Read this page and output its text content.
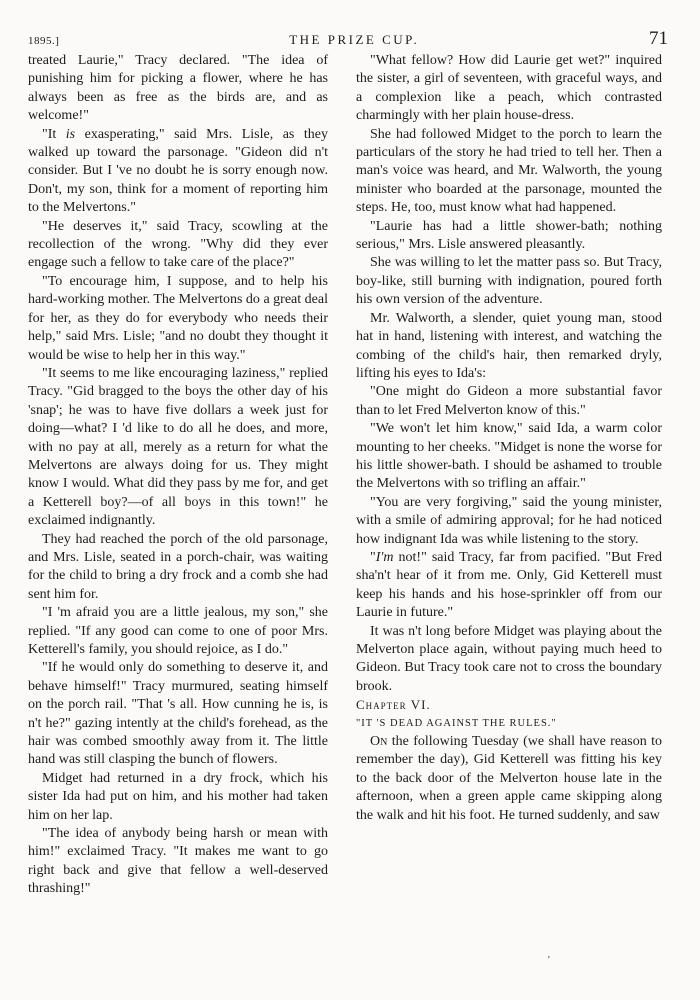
1895.]	THE PRIZE CUP.	71

treated Laurie," Tracy declared. "The idea of punishing him for picking a flower, where he has always been as free as the birds are, and as welcome!"

"It is exasperating," said Mrs. Lisle, as they walked up toward the parsonage. "Gideon did n't consider. But I 've no doubt he is sorry enough now. Don't, my son, think for a moment of reporting him to the Melvertons."

"He deserves it," said Tracy, scowling at the recollection of the wrong. "Why did they ever engage such a fellow to take care of the place?"

"To encourage him, I suppose, and to help his hard-working mother. The Melvertons do a great deal for her, as they do for everybody who needs their help," said Mrs. Lisle; "and no doubt they thought it would be wise to help her in this way."

"It seems to me like encouraging laziness," replied Tracy. "Gid bragged to the boys the other day of his 'snap'; he was to have five dollars a week just for doing—what? I 'd like to do all he does, and more, with no pay at all, merely as a return for what the Melvertons are always doing for us. They might know I would. What did they pass by me for, and get a Ketterell boy?—of all boys in this town!" he exclaimed indignantly.

They had reached the porch of the old parsonage, and Mrs. Lisle, seated in a porch-chair, was waiting for the child to bring a dry frock and a comb she had sent him for.

"I 'm afraid you are a little jealous, my son," she replied. "If any good can come to one of poor Mrs. Ketterell's family, you should rejoice, as I do."

"If he would only do something to deserve it, and behave himself!" Tracy murmured, seating himself on the porch rail. "That 's all. How cunning he is, is n't he?" gazing intently at the child's forehead, as the hair was combed smoothly away from it. The little hand was still clasping the bunch of flowers.

Midget had returned in a dry frock, which his sister Ida had put on him, and his mother had taken him on her lap.

"The idea of anybody being harsh or mean with him!" exclaimed Tracy. "It makes me want to go right back and give that fellow a well-deserved thrashing!"

"What fellow? How did Laurie get wet?" inquired the sister, a girl of seventeen, with graceful ways, and a complexion like a peach, which contrasted charmingly with her plain house-dress.

She had followed Midget to the porch to learn the particulars of the story he had tried to tell her. Then a man's voice was heard, and Mr. Walworth, the young minister who boarded at the parsonage, mounted the steps. He, too, must know what had happened.

"Laurie has had a little shower-bath; nothing serious," Mrs. Lisle answered pleasantly.

She was willing to let the matter pass so. But Tracy, boy-like, still burning with indignation, poured forth his own version of the adventure.

Mr. Walworth, a slender, quiet young man, stood hat in hand, listening with interest, and watching the combing of the child's hair, then remarked dryly, lifting his eyes to Ida's:

"One might do Gideon a more substantial favor than to let Fred Melverton know of this."

"We won't let him know," said Ida, a warm color mounting to her cheeks. "Midget is none the worse for his little shower-bath. I should be ashamed to trouble the Melvertons with so trifling an affair."

"You are very forgiving," said the young minister, with a smile of admiring approval; for he had noticed how indignant Ida was while listening to the story.

"I'm not!" said Tracy, far from pacified. "But Fred sha'n't hear of it from me. Only, Gid Ketterell must keep his hands and his hose-sprinkler off from our Laurie in future."

It was n't long before Midget was playing about the Melverton place again, without paying much heed to Gideon. But Tracy took care not to cross the boundary brook.

Chapter VI.

"IT 'S DEAD AGAINST THE RULES."

On the following Tuesday (we shall have reason to remember the day), Gid Ketterell was fitting his key to the back door of the Melverton house late in the afternoon, when a green apple came skipping along the walk and hit his foot. He turned suddenly, and saw

'
